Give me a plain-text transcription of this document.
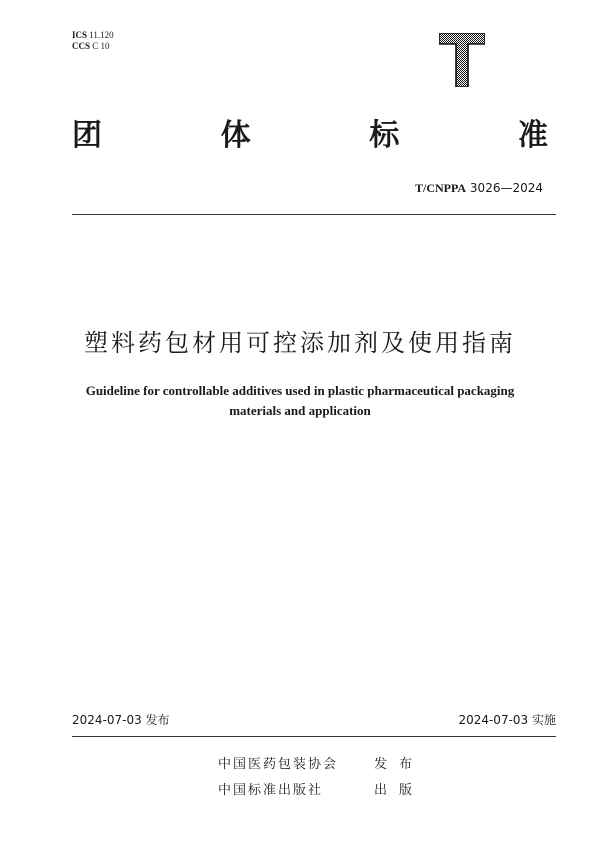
ICS 11.120
CCS C 10
团	体	标	准
T/CNPPA 3026—2024
塑料药包材用可控添加剂及使用指南
Guideline for controllable additives used in plastic pharmaceutical packaging
materials and application
2024-07-03 发布	2024-07-03 实施
中国医药包装协会	发布
中国标准出版社	出版
